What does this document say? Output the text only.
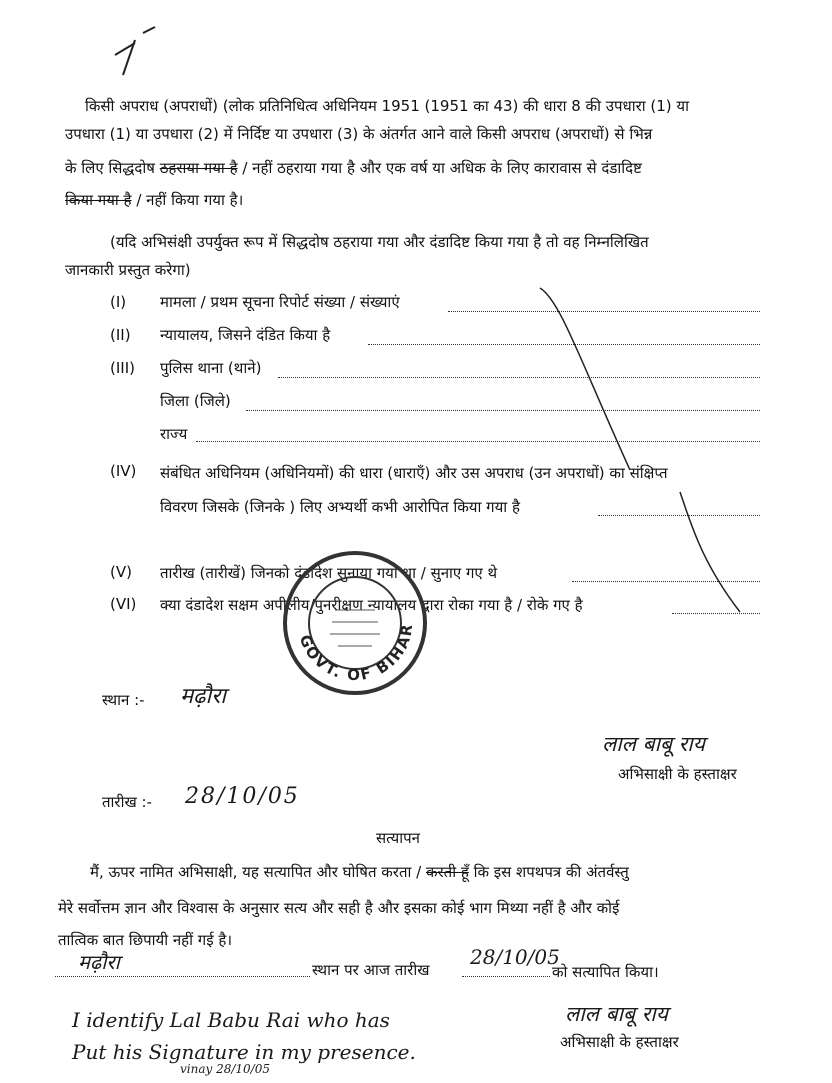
किसी अपराध (अपराधों) (लोक प्रतिनिधित्व अधिनियम 1951 (1951 का 43) की धारा 8 की उपधारा (1) या
उपधारा (1) या उपधारा (2) में निर्दिष्ट या उपधारा (3) के अंतर्गत आने वाले किसी अपराध (अपराधों) से भिन्न
के लिए सिद्धदोष ठहराया गया है / नहीं ठहराया गया है और एक वर्ष या अधिक के लिए कारावास से दंडादिष्ट
किया गया है / नहीं किया गया है।
(यदि अभिसंक्षी उपर्युक्त रूप में सिद्धदोष ठहराया गया और दंडादिष्ट किया गया है तो वह निम्नलिखित
जानकारी प्रस्तुत करेगा)
(I) मामला / प्रथम सूचना रिपोर्ट संख्या / संख्याएं
(II) न्यायालय, जिसने दंडित किया है
(III) पुलिस थाना (थाने)
जिला (जिले)
राज्य
(IV) संबंधित अधिनियम (अधिनियमों) की धारा (धाराएँ) और उस अपराध (उन अपराधों) का संक्षिप्त
विवरण जिसके (जिनके ) लिए अभ्यर्थी कभी आरोपित किया गया है
(V) तारीख (तारीखें) जिनको दंडादेश सुनाया गया था / सुनाए गए थे
(VI) क्या दंडादेश सक्षम अपीलीय/पुनरीक्षण न्यायालय द्वारा रोका गया है / रोके गए है
GOVT. OF BIHAR
स्थान :- मढ़ौरा
लाल बाबू राय
अभिसाक्षी के हस्ताक्षर
तारीख :- 28/10/05
सत्यापन
मैं, ऊपर नामित अभिसाक्षी, यह सत्यापित और घोषित करता / करती हूँ कि इस शपथपत्र की अंतर्वस्तु
मेरे सर्वोत्तम ज्ञान और विश्वास के अनुसार सत्य और सही है और इसका कोई भाग मिथ्या नहीं है और कोई
तात्विक बात छिपायी नहीं गई है।
मढ़ौरा	स्थान पर आज तारीख
28/10/05
को सत्यापित किया।
I identify Lal Babu Rai who has
Put his Signature in my presence.
vinay 28/10/05
लाल बाबू राय
अभिसाक्षी के हस्ताक्षर
